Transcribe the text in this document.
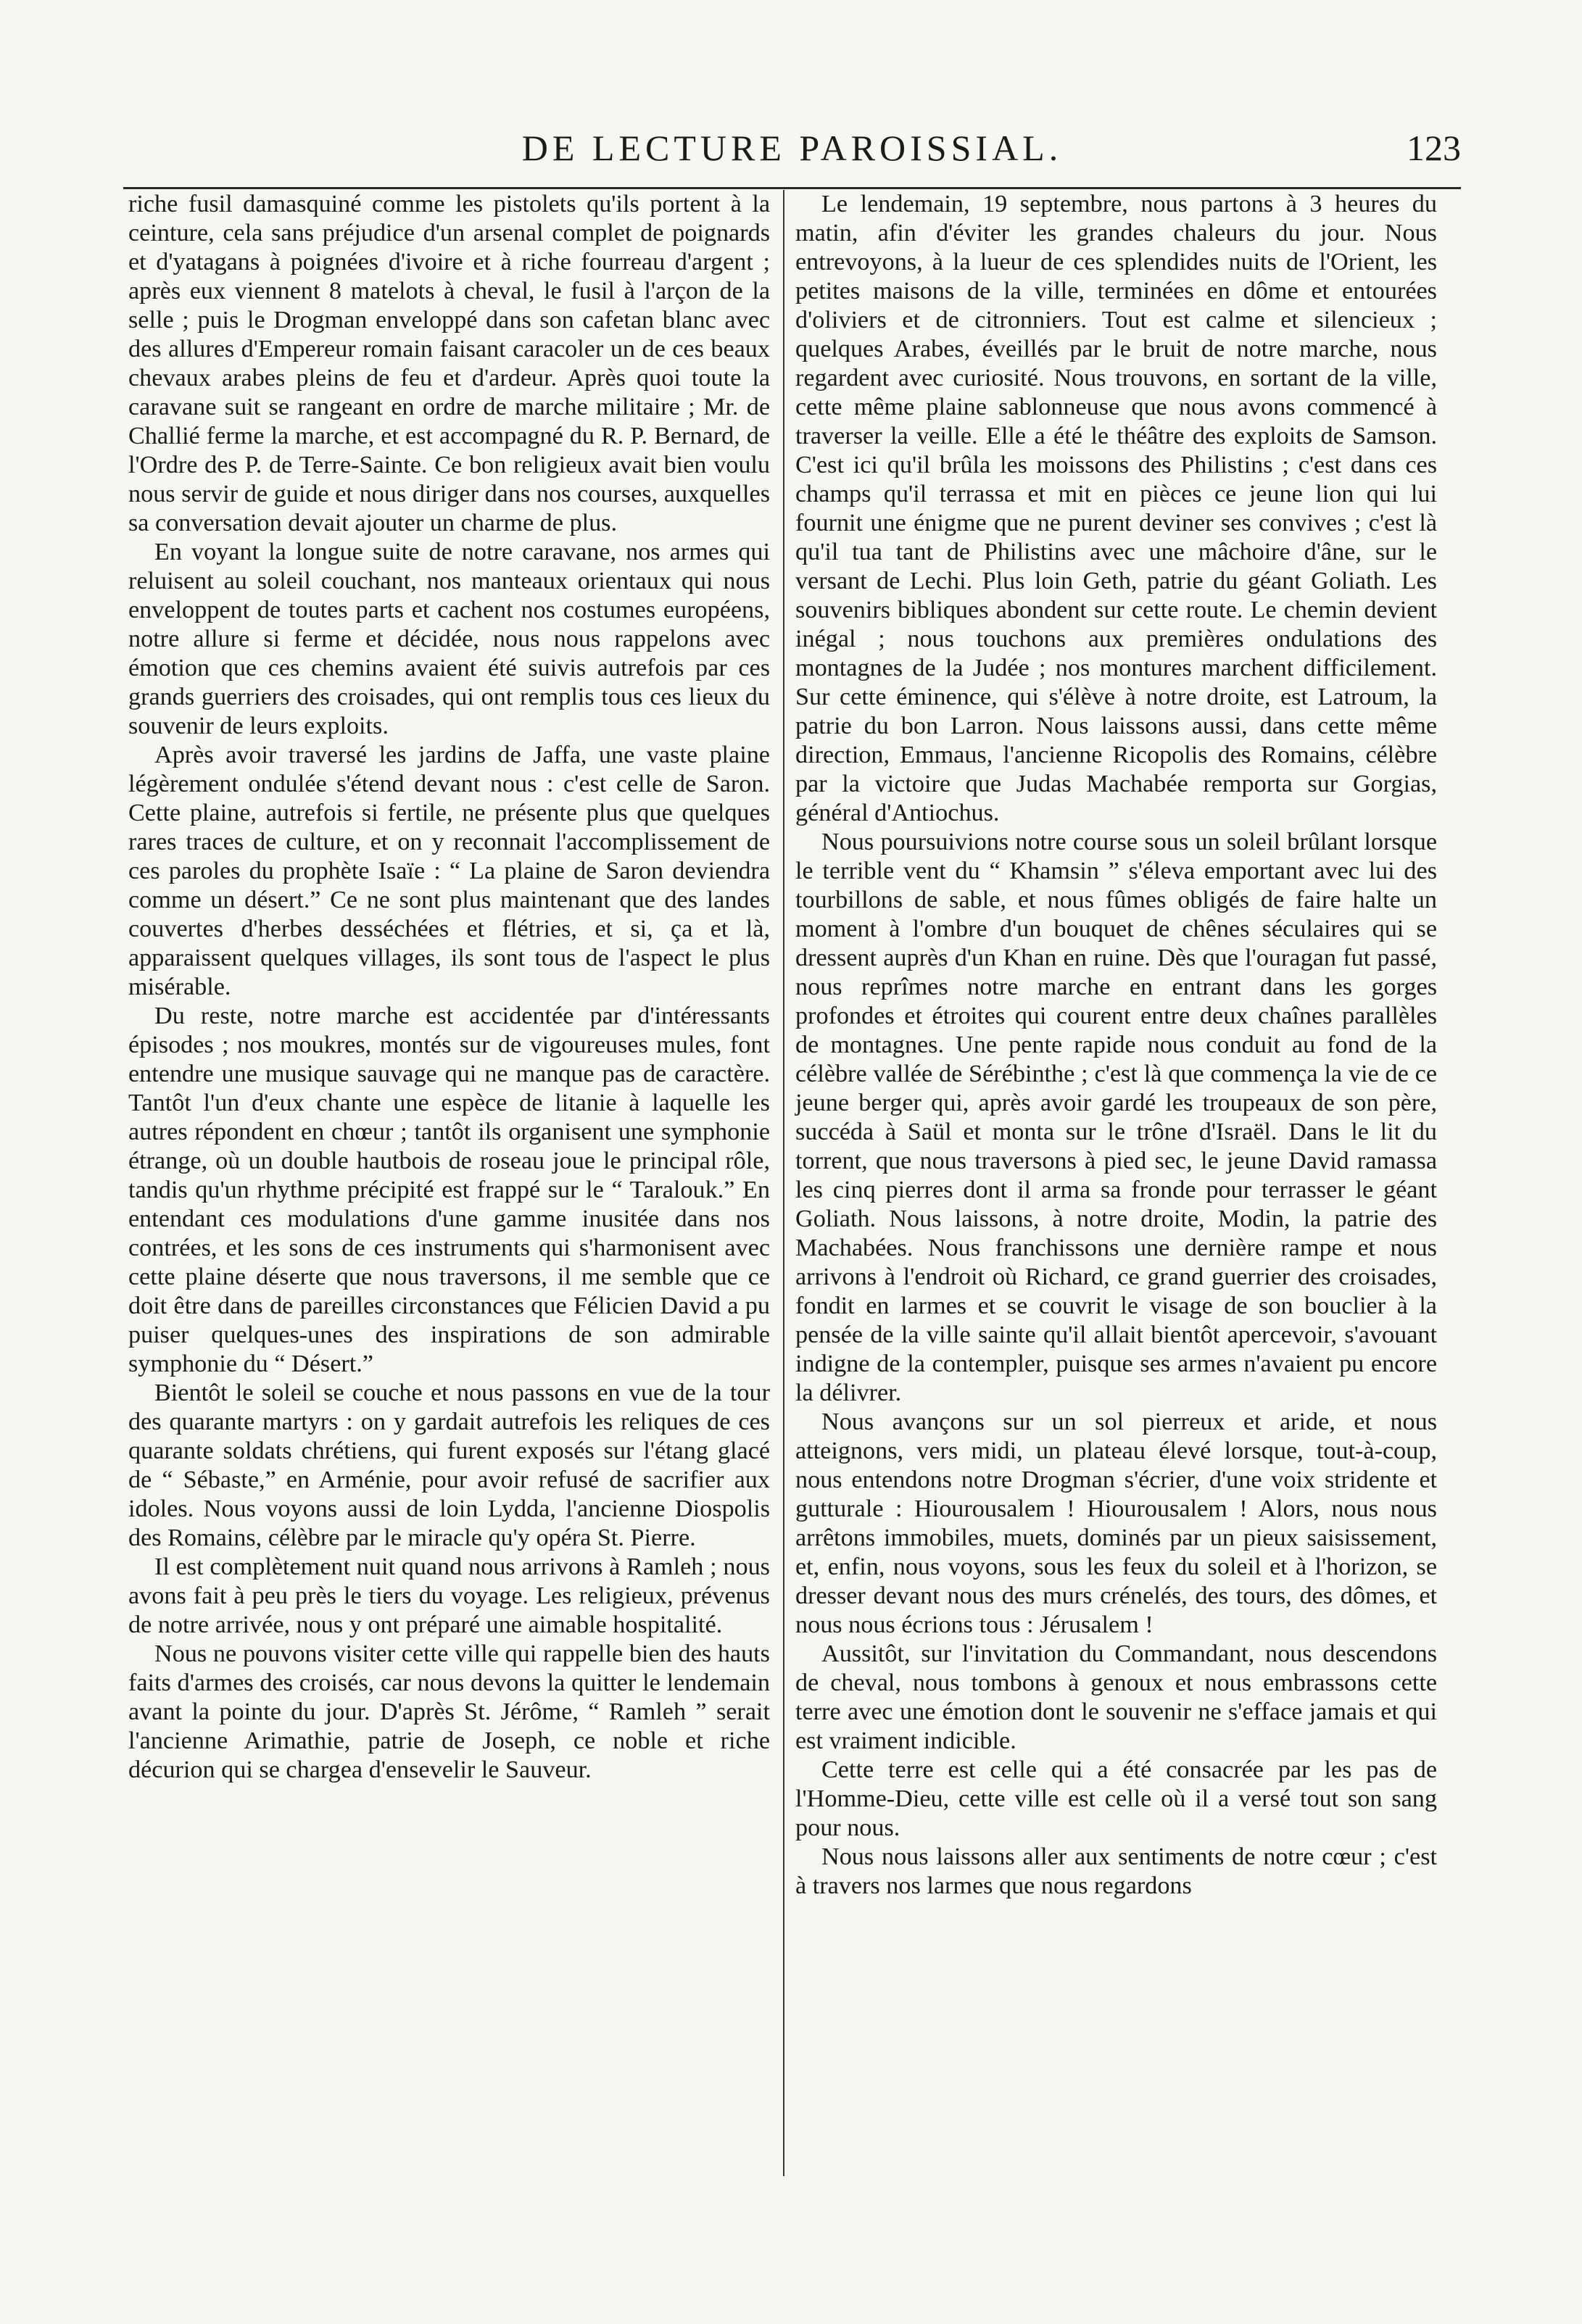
DE LECTURE PAROISSIAL.	123

riche fusil damasquiné comme les pistolets qu'ils portent à la ceinture, cela sans préjudice d'un arsenal complet de poignards et d'yatagans à poignées d'ivoire et à riche fourreau d'argent ; après eux viennent 8 matelots à cheval, le fusil à l'arçon de la selle ; puis le Drogman enveloppé dans son cafetan blanc avec des allures d'Empereur romain faisant caracoler un de ces beaux chevaux arabes pleins de feu et d'ardeur. Après quoi toute la caravane suit se rangeant en ordre de marche militaire ; Mr. de Challié ferme la marche, et est accompagné du R. P. Bernard, de l'Ordre des P. de Terre-Sainte. Ce bon religieux avait bien voulu nous servir de guide et nous diriger dans nos courses, auxquelles sa conversation devait ajouter un charme de plus.

En voyant la longue suite de notre caravane, nos armes qui reluisent au soleil couchant, nos manteaux orientaux qui nous enveloppent de toutes parts et cachent nos costumes européens, notre allure si ferme et décidée, nous nous rappelons avec émotion que ces chemins avaient été suivis autrefois par ces grands guerriers des croisades, qui ont remplis tous ces lieux du souvenir de leurs exploits.

Après avoir traversé les jardins de Jaffa, une vaste plaine légèrement ondulée s'étend devant nous : c'est celle de Saron. Cette plaine, autrefois si fertile, ne présente plus que quelques rares traces de culture, et on y reconnait l'accomplissement de ces paroles du prophète Isaïe : “ La plaine de Saron deviendra comme un désert.” Ce ne sont plus maintenant que des landes couvertes d'herbes desséchées et flétries, et si, ça et là, apparaissent quelques villages, ils sont tous de l'aspect le plus misérable.

Du reste, notre marche est accidentée par d'intéressants épisodes ; nos moukres, montés sur de vigoureuses mules, font entendre une musique sauvage qui ne manque pas de caractère. Tantôt l'un d'eux chante une espèce de litanie à laquelle les autres répondent en chœur ; tantôt ils organisent une symphonie étrange, où un double hautbois de roseau joue le principal rôle, tandis qu'un rhythme précipité est frappé sur le “ Taralouk.” En entendant ces modulations d'une gamme inusitée dans nos contrées, et les sons de ces instruments qui s'harmonisent avec cette plaine déserte que nous traversons, il me semble que ce doit être dans de pareilles circonstances que Félicien David a pu puiser quelques-unes des inspirations de son admirable symphonie du “ Désert.”

Bientôt le soleil se couche et nous passons en vue de la tour des quarante martyrs : on y gardait autrefois les reliques de ces quarante soldats chrétiens, qui furent exposés sur l'étang glacé de “ Sébaste,” en Arménie, pour avoir refusé de sacrifier aux idoles. Nous voyons aussi de loin Lydda, l'ancienne Diospolis des Romains, célèbre par le miracle qu'y opéra St. Pierre.

Il est complètement nuit quand nous arrivons à Ramleh ; nous avons fait à peu près le tiers du voyage. Les religieux, prévenus de notre arrivée, nous y ont préparé une aimable hospitalité.

Nous ne pouvons visiter cette ville qui rappelle bien des hauts faits d'armes des croisés, car nous devons la quitter le lendemain avant la pointe du jour. D'après St. Jérôme, “ Ramleh ” serait l'ancienne Arimathie, patrie de Joseph, ce noble et riche décurion qui se chargea d'ensevelir le Sauveur.

Le lendemain, 19 septembre, nous partons à 3 heures du matin, afin d'éviter les grandes chaleurs du jour. Nous entrevoyons, à la lueur de ces splendides nuits de l'Orient, les petites maisons de la ville, terminées en dôme et entourées d'oliviers et de citronniers. Tout est calme et silencieux ; quelques Arabes, éveillés par le bruit de notre marche, nous regardent avec curiosité. Nous trouvons, en sortant de la ville, cette même plaine sablonneuse que nous avons commencé à traverser la veille. Elle a été le théâtre des exploits de Samson. C'est ici qu'il brûla les moissons des Philistins ; c'est dans ces champs qu'il terrassa et mit en pièces ce jeune lion qui lui fournit une énigme que ne purent deviner ses convives ; c'est là qu'il tua tant de Philistins avec une mâchoire d'âne, sur le versant de Lechi. Plus loin Geth, patrie du géant Goliath. Les souvenirs bibliques abondent sur cette route. Le chemin devient inégal ; nous touchons aux premières ondulations des montagnes de la Judée ; nos montures marchent difficilement. Sur cette éminence, qui s'élève à notre droite, est Latroum, la patrie du bon Larron. Nous laissons aussi, dans cette même direction, Emmaus, l'ancienne Ricopolis des Romains, célèbre par la victoire que Judas Machabée remporta sur Gorgias, général d'Antiochus.

Nous poursuivions notre course sous un soleil brûlant lorsque le terrible vent du “ Khamsin ” s'éleva emportant avec lui des tourbillons de sable, et nous fûmes obligés de faire halte un moment à l'ombre d'un bouquet de chênes séculaires qui se dressent auprès d'un Khan en ruine. Dès que l'ouragan fut passé, nous reprîmes notre marche en entrant dans les gorges profondes et étroites qui courent entre deux chaînes parallèles de montagnes. Une pente rapide nous conduit au fond de la célèbre vallée de Sérébinthe ; c'est là que commença la vie de ce jeune berger qui, après avoir gardé les troupeaux de son père, succéda à Saül et monta sur le trône d'Israël. Dans le lit du torrent, que nous traversons à pied sec, le jeune David ramassa les cinq pierres dont il arma sa fronde pour terrasser le géant Goliath. Nous laissons, à notre droite, Modin, la patrie des Machabées. Nous franchissons une dernière rampe et nous arrivons à l'endroit où Richard, ce grand guerrier des croisades, fondit en larmes et se couvrit le visage de son bouclier à la pensée de la ville sainte qu'il allait bientôt apercevoir, s'avouant indigne de la contempler, puisque ses armes n'avaient pu encore la délivrer.

Nous avançons sur un sol pierreux et aride, et nous atteignons, vers midi, un plateau élevé lorsque, tout-à-coup, nous entendons notre Drogman s'écrier, d'une voix stridente et gutturale : Hiourousalem ! Hiourousalem ! Alors, nous nous arrêtons immobiles, muets, dominés par un pieux saisissement, et, enfin, nous voyons, sous les feux du soleil et à l'horizon, se dresser devant nous des murs crénelés, des tours, des dômes, et nous nous écrions tous : Jérusalem !

Aussitôt, sur l'invitation du Commandant, nous descendons de cheval, nous tombons à genoux et nous embrassons cette terre avec une émotion dont le souvenir ne s'efface jamais et qui est vraiment indicible.

Cette terre est celle qui a été consacrée par les pas de l'Homme-Dieu, cette ville est celle où il a versé tout son sang pour nous.

Nous nous laissons aller aux sentiments de notre cœur ; c'est à travers nos larmes que nous regardons
